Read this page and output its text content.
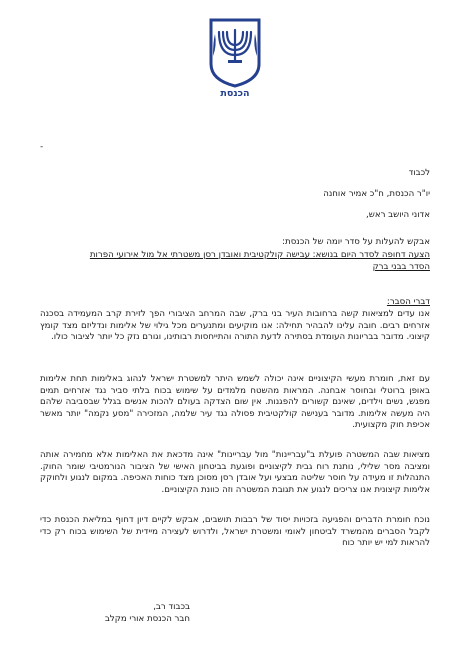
הכנסת
-
לכבוד
יו"ר הכנסת, ח"כ אמיר אוחנה
אדוני היושב ראש,
אבקש להעלות על סדר יומה של הכנסת:
הצעה דחופה לסדר היום בנושא: עבישה קולקטיבית ואובדן רסן משטרתי אל מול אירועי הפרות
הסדר בבני ברק
דברי הסבר:
אנו עדים למציאות קשה ברחובות העיר בני ברק, שבה המרחב הציבורי הפך לזירת קרב המעמידה בסכנה אזרחים רבים. חובה עלינו להבהיר תחילה: אנו מוקיעים ומתנערים מכל גילוי של אלימות ונדליזם מצד קומץ קיצוני. מדובר בבריונות העומדת בסתירה לדעת התורה והתייחסות רבותינו, וגורם נזק כל יותר לציבור כולו.
עם זאת, חומרת מעשי הקיצוניים אינה יכולה לשמש היתר למשטרת ישראל לנהוג באלימות תחת אלימות באופן ברוטלי ובחוסר אבחנה. המראות מהשטח מלמדים על שימוש בכוח בלתי סביר נגד אזרחים תמים מפגש, נשים וילדים, שאינם קשורים להפגנות. אין שום הצדקה בעולם להכות אנשים בגלל שבסביבה שלהם היה מעשה אלימות. מדובר בענישה קולקטיבית פסולה נגד עיר שלמה, המזכירה "מסע נקמה" יותר מאשר אכיפת חוק מקצועית.
מציאות שבה המשטרה פועלת ב"עבריינות" מול עבריינות" אינה מדכאת את האלימות אלא מחמירה אותה ומציבה מסר שלילי, נותנת רוח גבית לקיצוניים ופוגעת בביטחון האישי של הציבור הנורמטיבי שומר החוק. התנהלות זו מעידה על חוסר שליטה מבצעי ועל אובדן רסן מסוכן מצד כוחות האכיפה. במקום לנגוע ולחוקק אלימות קיצונית אנו צריכים לנגוע את תגובת המשטרה וזה כוונת הקיצוניים.
נוכח חומרת הדברים והפגיעה בזכויות יסוד של רבבות תושבים, אבקש לקיים דיון דחוף במליאת הכנסת כדי לקבל הסברים מהמשרד לביטחון לאומי ומשטרת ישראל, ולדרוש לעצירה מיידית של השימוש בכוח רק כדי להראות למי יש יותר כוח
בכבוד רב,
חבר הכנסת אורי מקלב
